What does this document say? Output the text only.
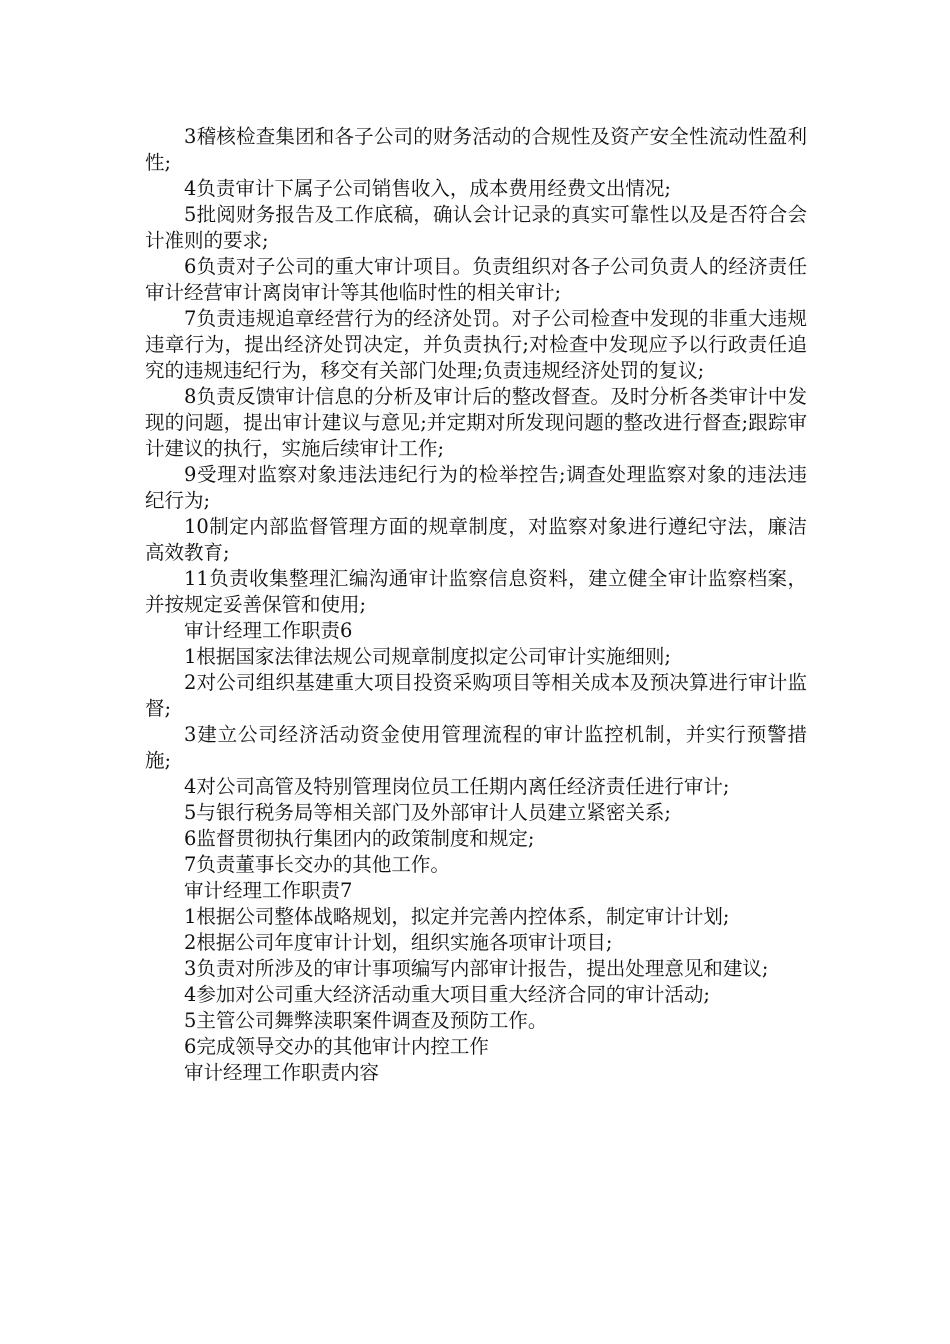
3稽核检查集团和各子公司的财务活动的合规性及资产安全性流动性盈利性;

4负责审计下属子公司销售收入，成本费用经费文出情况;

5批阅财务报告及工作底稿，确认会计记录的真实可靠性以及是否符合会计准则的要求;

6负责对子公司的重大审计项目。负责组织对各子公司负责人的经济责任审计经营审计离岗审计等其他临时性的相关审计;

7负责违规追章经营行为的经济处罚。对子公司检查中发现的非重大违规违章行为，提出经济处罚决定，并负责执行;对检查中发现应予以行政责任追究的违规违纪行为，移交有关部门处理;负责违规经济处罚的复议;

8负责反馈审计信息的分析及审计后的整改督查。及时分析各类审计中发现的问题，提出审计建议与意见;并定期对所发现问题的整改进行督查;跟踪审计建议的执行，实施后续审计工作;

9受理对监察对象违法违纪行为的检举控告;调查处理监察对象的违法违纪行为;

10制定内部监督管理方面的规章制度，对监察对象进行遵纪守法，廉洁高效教育;

11负责收集整理汇编沟通审计监察信息资料，建立健全审计监察档案，并按规定妥善保管和使用;

审计经理工作职责6

1根据国家法律法规公司规章制度拟定公司审计实施细则;

2对公司组织基建重大项目投资采购项目等相关成本及预决算进行审计监督;

3建立公司经济活动资金使用管理流程的审计监控机制，并实行预警措施;

4对公司高管及特别管理岗位员工任期内离任经济责任进行审计;

5与银行税务局等相关部门及外部审计人员建立紧密关系;

6监督贯彻执行集团内的政策制度和规定;

7负责董事长交办的其他工作。

审计经理工作职责7

1根据公司整体战略规划，拟定并完善内控体系，制定审计计划;

2根据公司年度审计计划，组织实施各项审计项目;

3负责对所涉及的审计事项编写内部审计报告，提出处理意见和建议;

4参加对公司重大经济活动重大项目重大经济合同的审计活动;

5主管公司舞弊渎职案件调查及预防工作。

6完成领导交办的其他审计内控工作

审计经理工作职责内容
